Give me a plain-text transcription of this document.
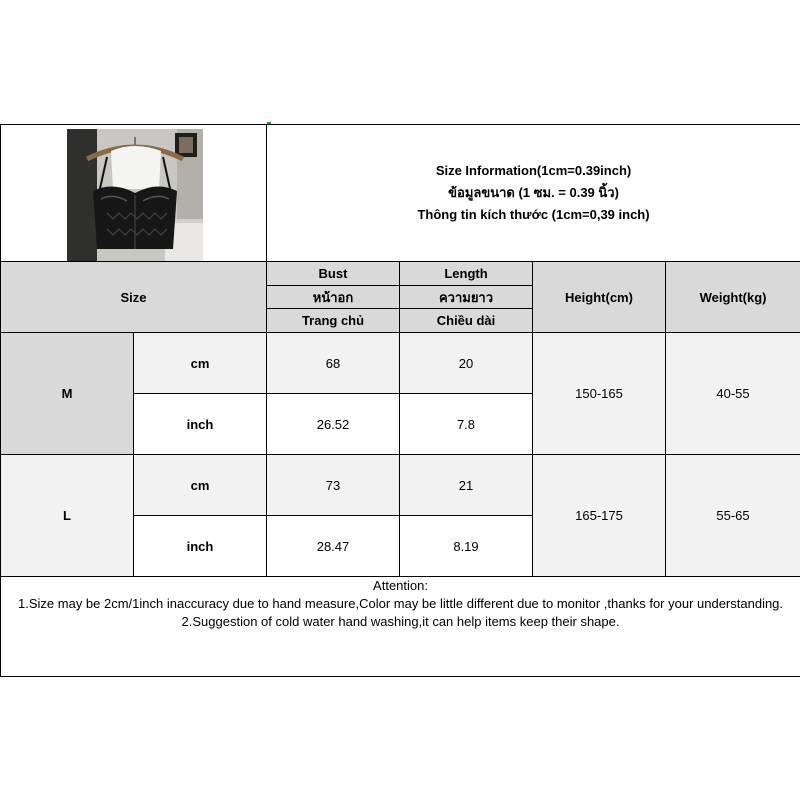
Size Information(1cm=0.39inch)
ข้อมูลขนาด (1 ซม. = 0.39 นิ้ว)
Thông tin kích thước (1cm=0,39 inch)			

Size		Bust	Length	Height(cm)	Weight(kg)
		หน้าอก	ความยาว		
		Trang chủ	Chiều dài		
M	cm	68	20	150-165	40-55
	inch	26.52	7.8		
L	cm	73	21	165-175	55-65
	inch	28.47	8.19		

Attention:
1.Size may be 2cm/1inch inaccuracy due to hand measure,Color may be little different due to monitor ,thanks for your understanding.
2.Suggestion of cold water hand washing,it can help items keep their shape.					
